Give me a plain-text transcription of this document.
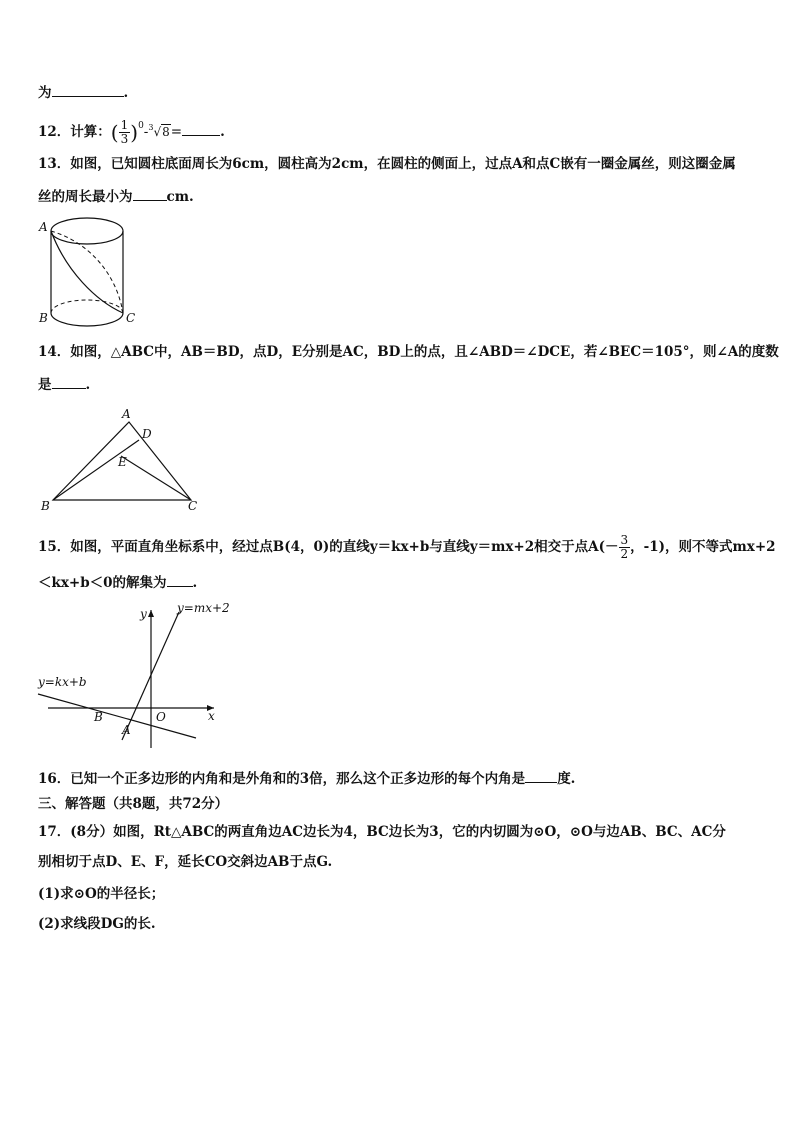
为	.
12．计算：( $\frac{1}{3} )^0-^3√8=$	.
13．如图，已知圆柱底面周长为6cm，圆柱高为2cm，在圆柱的侧面上，过点A和点C嵌有一圈金属丝，则这圈金属
丝的周长最小为	cm.
A
B	C
14．如图，△ABC中，AB＝BD，点D，E分别是AC，BD上的点，且∠ABD＝∠DCE，若∠BEC＝105°，则∠A的度数
是	.
A
D
E
B	C
15．如图，平面直角坐标系中，经过点B(4，0)的直线y＝kx+b与直线y＝mx+2相交于点$A(- \frac{3}{2}$ ，-1)，则不等式mx+2
＜kx+b＜0的解集为 .
y
x
y=mx+2
y=kx+b
B	O
A
16．已知一个正多边形的内角和是外角和的3倍，那么这个正多边形的每个内角是 度.
三、解答题（共8题，共72分）
17．(8分）如图，Rt△ABC的两直角边AC边长为4，BC边长为3，它的内切圆为⊙O，⊙O与边AB、BC、AC分
别相切于点D、E、F，延长CO交斜边AB于点G.
(1)求⊙O的半径长；
(2)求线段DG的长.
